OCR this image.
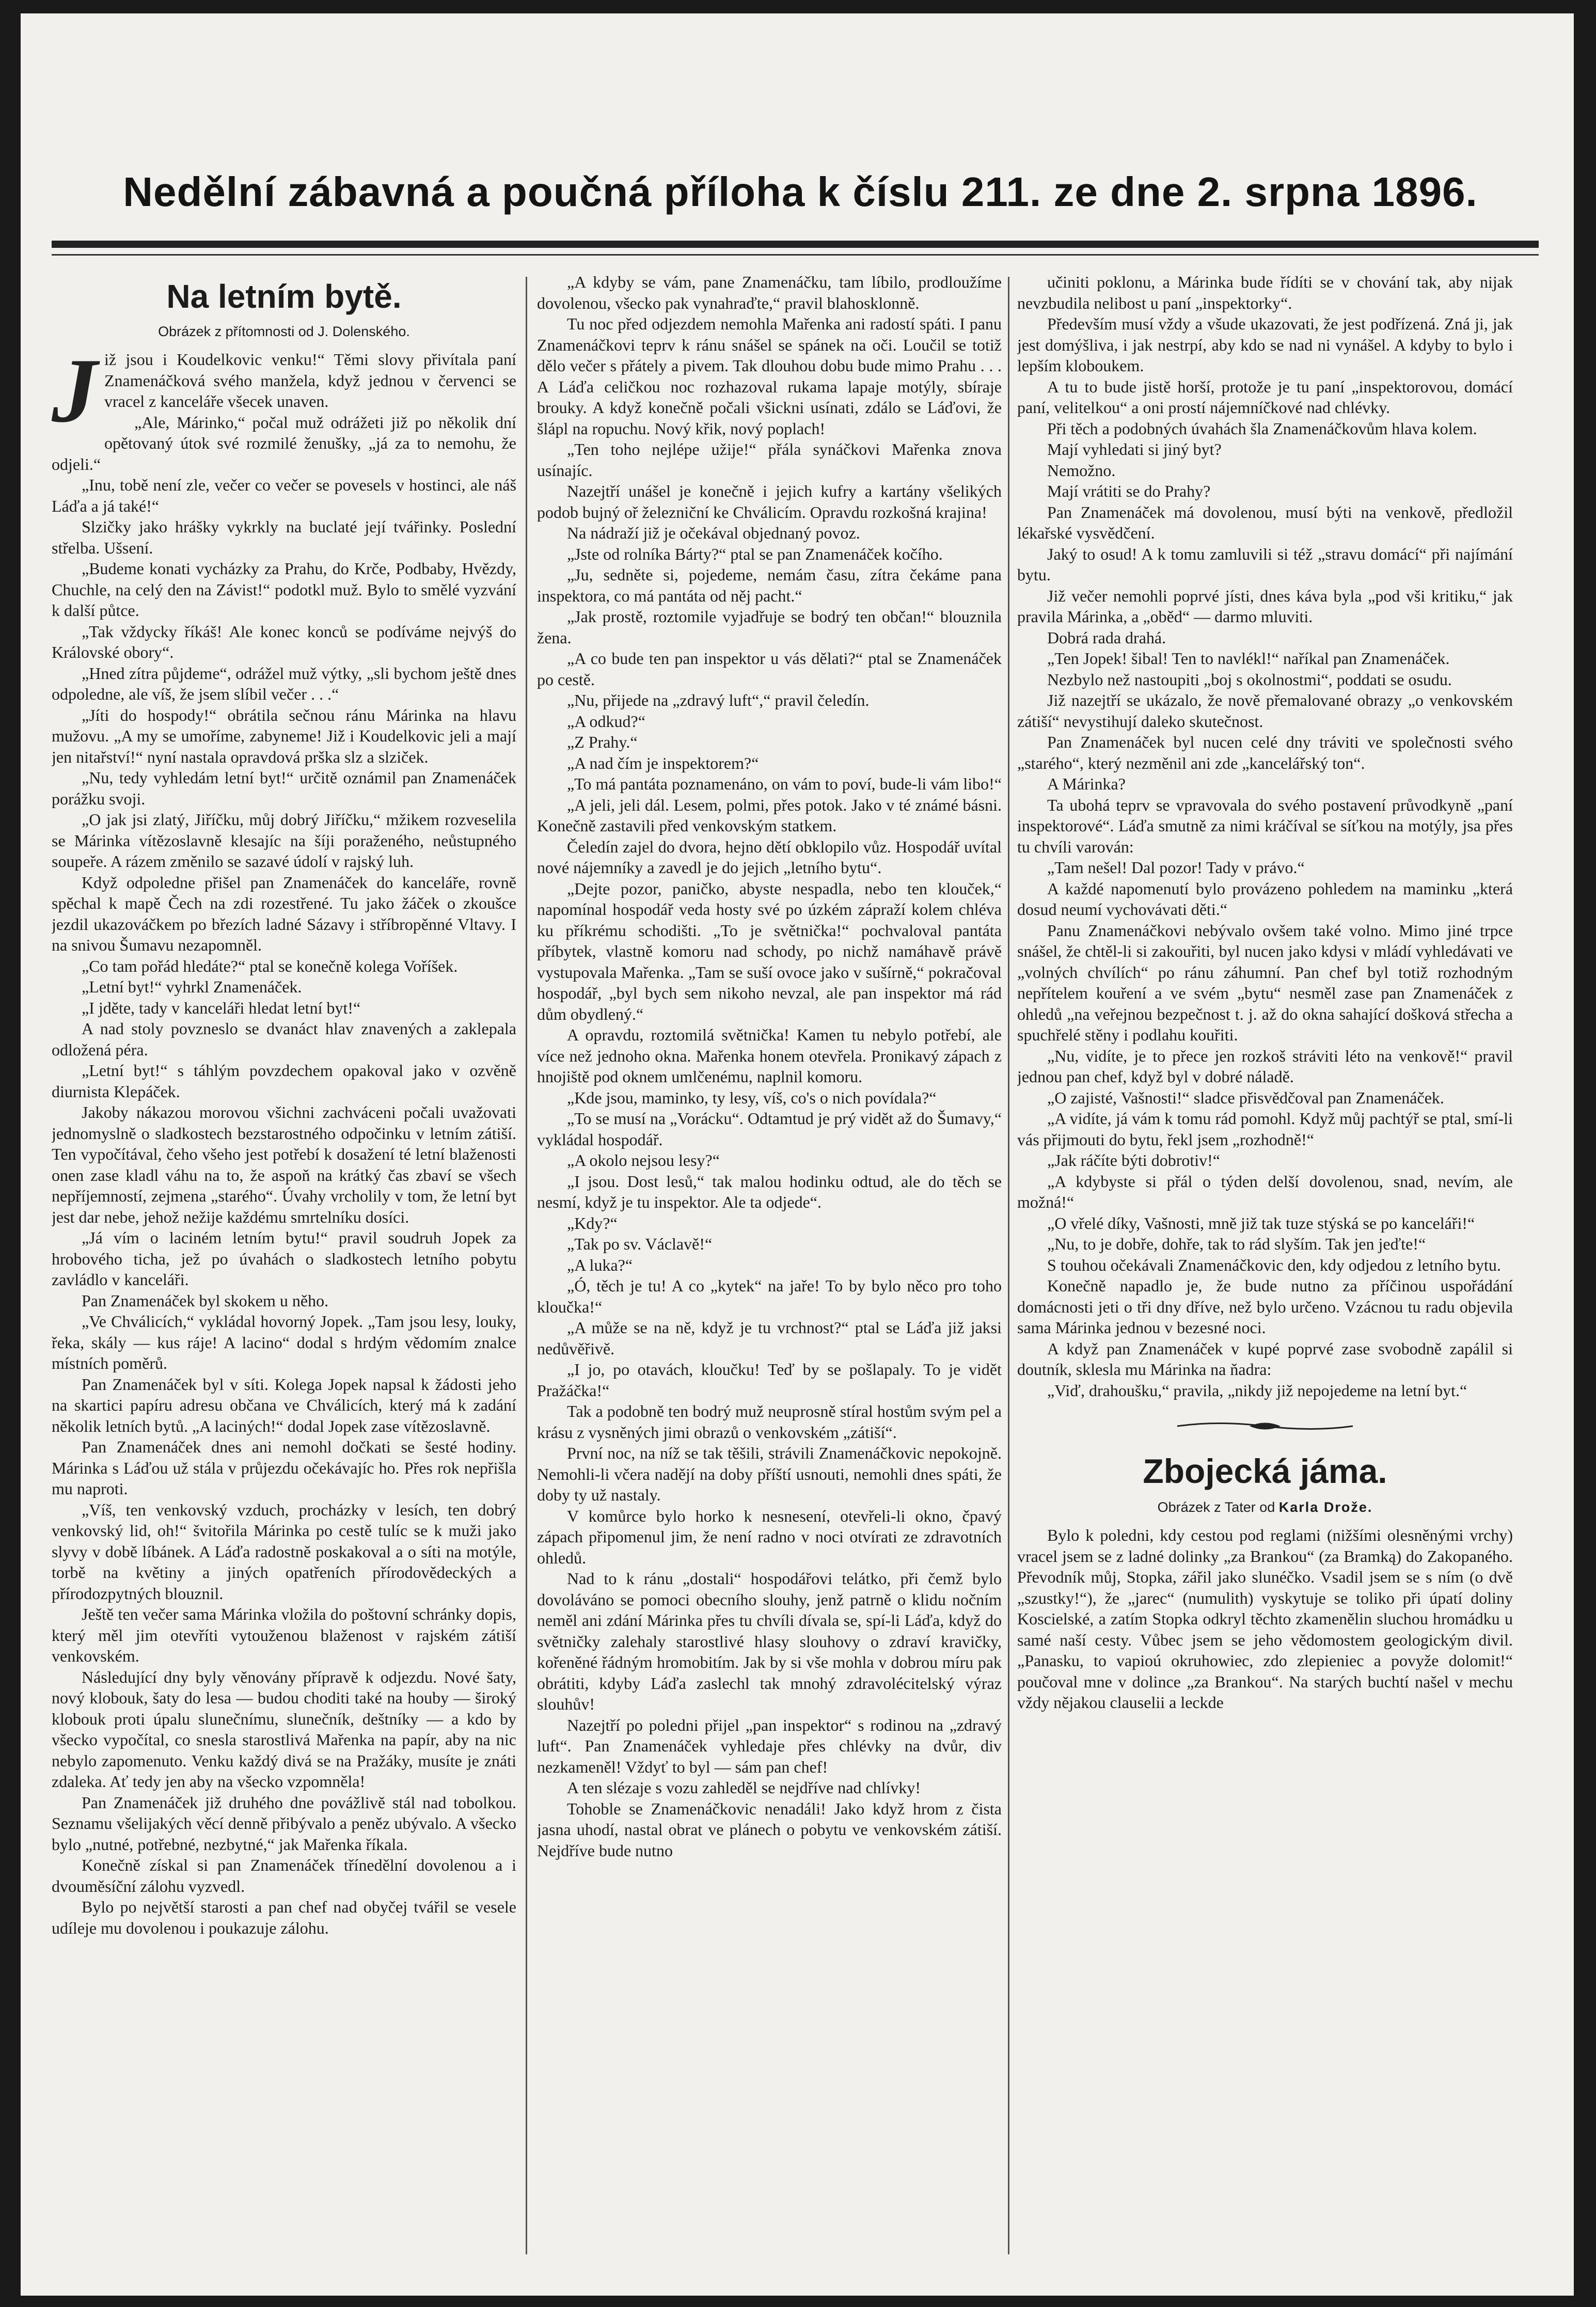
Nedělní zábavná a poučná příloha k číslu 211. ze dne 2. srpna 1896.
Na letním bytě.
Obrázek z přítomnosti od J. Dolenského.

Již jsou i Koudelkovic venku!“ Těmi slovy přivítala paní Znamenáčková svého manžela, když jednou v červenci se vracel z kanceláře všecek unaven.

„Ale, Márinko,“ počal muž odrážeti již po několik dní opětovaný útok své rozmilé ženušky, „já za to nemohu, že odjeli.“

„Inu, tobě není zle, večer co večer se povesels v hostinci, ale náš Láďa a já také!“

Slzičky jako hrášky vykrkly na buclaté její tvářinky. Poslední střelba. Ušsení.

„Budeme konati vycházky za Prahu, do Krče, Podbaby, Hvězdy, Chuchle, na celý den na Závist!“ podotkl muž. Bylo to smělé vyzvání k další půtce.

„Tak vždycky říkáš! Ale konec konců se podíváme nejvýš do Královské obory“.

„Hned zítra půjdeme“, odrážel muž výtky, „sli bychom ještě dnes odpoledne, ale víš, že jsem slíbil večer . . .“

„Jíti do hospody!“ obrátila sečnou ránu Márinka na hlavu mužovu. „A my se umoříme, zabyneme! Již i Koudelkovic jeli a mají jen nitařství!“ nyní nastala opravdová prška slz a slziček.

„Nu, tedy vyhledám letní byt!“ určitě oznámil pan Znamenáček porážku svoji.

„O jak jsi zlatý, Jiříčku, můj dobrý Jiříčku,“ mžikem rozveselila se Márinka vítězoslavně klesajíc na šíji poraženého, neůstupného soupeře. A rázem změnilo se sazavé údolí v rajský luh.

Když odpoledne přišel pan Znamenáček do kanceláře, rovně spěchal k mapě Čech na zdi rozestřené. Tu jako žáček o zkoušce jezdil ukazováčkem po březích ladné Sázavy i stříbropěnné Vltavy. I na snivou Šumavu nezapomněl.

„Co tam pořád hledáte?“ ptal se konečně kolega Voříšek.

„Letní byt!“ vyhrkl Znamenáček.

„I jděte, tady v kanceláři hledat letní byt!“

A nad stoly povzneslo se dvanáct hlav znavených a zaklepala odložená péra.

„Letní byt!“ s táhlým povzdechem opakoval jako v ozvěně diurnista Klepáček.

Jakoby nákazou morovou všichni zachváceni počali uvažovati jednomyslně o sladkostech bezstarostného odpočinku v letním zátiší. Ten vypočítával, čeho všeho jest potřebí k dosažení té letní blaženosti onen zase kladl váhu na to, že aspoň na krátký čas zbaví se všech nepříjemností, zejmena „starého“. Úvahy vrcholily v tom, že letní byt jest dar nebe, jehož nežije každému smrtelníku dosíci.

„Já vím o laciném letním bytu!“ pravil soudruh Jopek za hrobového ticha, jež po úvahách o sladkostech letního pobytu zavládlo v kanceláři.

Pan Znamenáček byl skokem u něho.

„Ve Chválicích,“ vykládal hovorný Jopek. „Tam jsou lesy, louky, řeka, skály — kus ráje! A lacino“ dodal s hrdým vědomím znalce místních poměrů.

Pan Znamenáček byl v síti. Kolega Jopek napsal k žádosti jeho na skartici papíru adresu občana ve Chválicích, který má k zadání několik letních bytů. „A laciných!“ dodal Jopek zase vítězoslavně.

Pan Znamenáček dnes ani nemohl dočkati se šesté hodiny. Márinka s Láďou už stála v průjezdu očekávajíc ho. Přes rok nepřišla mu naproti.

„Víš, ten venkovský vzduch, procházky v lesích, ten dobrý venkovský lid, oh!“ švitořila Márinka po cestě tulíc se k muži jako slyvy v době líbánek. A Láďa radostně poskakoval a o síti na motýle, torbě na květiny a jiných opatřeních přírodovědeckých a přírodozpytných blouznil.

Ještě ten večer sama Márinka vložila do poštovní schránky dopis, který měl jim otevříti vytouženou blaženost v rajském zátiší venkovském.

Následující dny byly věnovány přípravě k odjezdu. Nové šaty, nový klobouk, šaty do lesa — budou choditi také na houby — široký klobouk proti úpalu slunečnímu, slunečník, deštníky — a kdo by všecko vypočítal, co snesla starostlivá Mařenka na papír, aby na nic nebylo zapomenuto. Venku každý divá se na Pražáky, musíte je znáti zdaleka. Ať tedy jen aby na všecko vzpomněla!

Pan Znamenáček již druhého dne povážlivě stál nad tobolkou. Seznamu všelijakých věcí denně přibývalo a peněz ubývalo. A všecko bylo „nutné, potřebné, nezbytné,“ jak Mařenka říkala.

Konečně získal si pan Znamenáček třínedělní dovolenou a i dvouměsíční zálohu vyzvedl.

Bylo po největší starosti a pan chef nad obyčej tvářil se vesele udíleje mu dovolenou i poukazuje zálohu.

„A kdyby se vám, pane Znamenáčku, tam líbilo, prodloužíme dovolenou, všecko pak vynahraďte,“ pravil blahosklonně.

Tu noc před odjezdem nemohla Mařenka ani radostí spáti. I panu Znamenáčkovi teprv k ránu snášel se spánek na oči. Loučil se totiž dělo večer s přátely a pivem. Tak dlouhou dobu bude mimo Prahu . . . A Láďa celičkou noc rozhazoval rukama lapaje motýly, sbíraje brouky. A když konečně počali všickni usínati, zdálo se Láďovi, že šlápl na ropuchu. Nový křik, nový poplach!

„Ten toho nejlépe užije!“ přála synáčkovi Mařenka znova usínajíc.

Nazejtří unášel je konečně i jejich kufry a kartány všelikých podob bujný oř železniční ke Chválicím. Opravdu rozkošná krajina!

Na nádraží již je očekával objednaný povoz.

„Jste od rolníka Bárty?“ ptal se pan Znamenáček kočího.

„Ju, sedněte si, pojedeme, nemám času, zítra čekáme pana inspektora, co má pantáta od něj pacht.“

„Jak prostě, roztomile vyjadřuje se bodrý ten občan!“ blouznila žena.

„A co bude ten pan inspektor u vás dělati?“ ptal se Znamenáček po cestě.

„Nu, přijede na „zdravý luft“,“ pravil čeledín.

„A odkud?“

„Z Prahy.“

„A nad čím je inspektorem?“

„To má pantáta poznamenáno, on vám to poví, bude-li vám libo!“

„A jeli, jeli dál. Lesem, polmi, přes potok. Jako v té známé básni. Konečně zastavili před venkovským statkem.

Čeledín zajel do dvora, hejno dětí obklopilo vůz. Hospodář uvítal nové nájemníky a zavedl je do jejich „letního bytu“.

„Dejte pozor, paničko, abyste nespadla, nebo ten klouček,“ napomínal hospodář veda hosty své po úzkém zápraží kolem chléva ku příkrému schodišti. „To je světnička!“ pochvaloval pantáta příbytek, vlastně komoru nad schody, po nichž namáhavě právě vystupovala Mařenka. „Tam se suší ovoce jako v sušírně,“ pokračoval hospodář, „byl bych sem nikoho nevzal, ale pan inspektor má rád dům obydlený.“

A opravdu, roztomilá světnička! Kamen tu nebylo potřebí, ale více než jednoho okna. Mařenka honem otevřela. Pronikavý zápach z hnojiště pod oknem umlčenému, naplnil komoru.

„Kde jsou, maminko, ty lesy, víš, co's o nich povídala?“

„To se musí na „Vorácku“. Odtamtud je prý vidět až do Šumavy,“ vykládal hospodář.

„A okolo nejsou lesy?“

„I jsou. Dost lesů,“ tak malou hodinku odtud, ale do těch se nesmí, když je tu inspektor. Ale ta odjede“.

„Kdy?“

„Tak po sv. Václavě!“

„A luka?“

„Ó, těch je tu! A co „kytek“ na jaře! To by bylo něco pro toho kloučka!“

„A může se na ně, když je tu vrchnost?“ ptal se Láďa již jaksi nedůvěřivě.

„I jo, po otavách, kloučku! Teď by se pošlapaly. To je vidět Pražáčka!“

Tak a podobně ten bodrý muž neuprosně stíral hostům svým pel a krásu z vysněných jimi obrazů o venkovském „zátiší“.

První noc, na níž se tak těšili, strávili Znamenáčkovic nepokojně. Nemohli-li včera nadějí na doby příští usnouti, nemohli dnes spáti, že doby ty už nastaly.

V komůrce bylo horko k nesnesení, otevřeli-li okno, čpavý zápach připomenul jim, že není radno v noci otvírati ze zdravotních ohledů.

Nad to k ránu „dostali“ hospodářovi telátko, při čemž bylo dovoláváno se pomoci obecního slouhy, jenž patrně o klidu nočním neměl ani zdání Márinka přes tu chvíli dívala se, spí-li Láďa, když do světničky zalehaly starostlivé hlasy slouhovy o zdraví kravičky, kořeněné řádným hromobitím. Jak by si vše mohla v dobrou míru pak obrátiti, kdyby Láďa zaslechl tak mnohý zdravolécitelský výraz slouhův!

Nazejtří po poledni přijel „pan inspektor“ s rodinou na „zdravý luft“. Pan Znamenáček vyhledaje přes chlévky na dvůr, div nezkameněl! Vždyť to byl — sám pan chef!

A ten slézaje s vozu zahleděl se nejdříve nad chlívky!

Tohoble se Znamenáčkovic nenadáli! Jako když hrom z čista jasna uhodí, nastal obrat ve plánech o pobytu ve venkovském zátiší. Nejdříve bude nutno

učiniti poklonu, a Márinka bude řídíti se v chování tak, aby nijak nevzbudila nelibost u paní „inspektorky“.

Především musí vždy a všude ukazovati, že jest podřízená. Zná ji, jak jest domýšliva, i jak nestrpí, aby kdo se nad ni vynášel. A kdyby to bylo i lepším kloboukem.

A tu to bude jistě horší, protože je tu paní „inspektorovou, domácí paní, velitelkou“ a oni prostí nájemníčkové nad chlévky.

Při těch a podobných úvahách šla Znamenáčkovům hlava kolem.

Mají vyhledati si jiný byt?

Nemožno.

Mají vrátiti se do Prahy?

Pan Znamenáček má dovolenou, musí býti na venkově, předložil lékařské vysvědčení.

Jaký to osud! A k tomu zamluvili si též „stravu domácí“ při najímání bytu.

Již večer nemohli poprvé jísti, dnes káva byla „pod vši kritiku,“ jak pravila Márinka, a „oběd“ — darmo mluviti.

Dobrá rada drahá.

„Ten Jopek! šibal! Ten to navlékl!“ naříkal pan Znamenáček.

Nezbylo než nastoupiti „boj s okolnostmi“, poddati se osudu.

Již nazejtří se ukázalo, že nově přemalované obrazy „o venkovském zátiší“ nevystihují daleko skutečnost.

Pan Znamenáček byl nucen celé dny tráviti ve společnosti svého „starého“, který nezměnil ani zde „kancelářský ton“.

A Márinka?

Ta ubohá teprv se vpravovala do svého postavení průvodkyně „paní inspektorové“. Láďa smutně za nimi kráčíval se síťkou na motýly, jsa přes tu chvíli varován:

„Tam nešel! Dal pozor! Tady v právo.“

A každé napomenutí bylo provázeno pohledem na maminku „která dosud neumí vychovávati děti.“

Panu Znamenáčkovi nebývalo ovšem také volno. Mimo jiné trpce snášel, že chtěl-li si zakouřiti, byl nucen jako kdysi v mládí vyhledávati ve „volných chvílích“ po ránu záhumní. Pan chef byl totiž rozhodným nepřítelem kouření a ve svém „bytu“ nesměl zase pan Znamenáček z ohledů „na veřejnou bezpečnost t. j. až do okna sahající došková střecha a spuchřelé stěny i podlahu kouřiti.

„Nu, vidíte, je to přece jen rozkoš stráviti léto na venkově!“ pravil jednou pan chef, když byl v dobré náladě.

„O zajisté, Vašnosti!“ sladce přisvědčoval pan Znamenáček.

„A vidíte, já vám k tomu rád pomohl. Když můj pachtýř se ptal, smí-li vás přijmouti do bytu, řekl jsem „rozhodně!“

„Jak ráčíte býti dobrotiv!“

„A kdybyste si přál o týden delší dovolenou, snad, nevím, ale možná!“

„O vřelé díky, Vašnosti, mně již tak tuze stýská se po kanceláři!“

„Nu, to je dobře, dohře, tak to rád slyším. Tak jen jeďte!“

S touhou očekávali Znamenáčkovic den, kdy odjedou z letního bytu.

Konečně napadlo je, že bude nutno za příčinou uspořádání domácnosti jeti o tři dny dříve, než bylo určeno. Vzácnou tu radu objevila sama Márinka jednou v bezesné noci.

A když pan Znamenáček v kupé poprvé zase svobodně zapálil si doutník, sklesla mu Márinka na ňadra:

„Viď, drahoušku,“ pravila, „nikdy již nepojedeme na letní byt.“

Zbojecká jáma.
Obrázek z Tater od Karla Drože.

Bylo k poledni, kdy cestou pod reglami (nižšími olesněnými vrchy) vracel jsem se z ladné dolinky „za Brankou“ (za Bramką) do Zakopaného. Převodník můj, Stopka, zářil jako slunéčko. Vsadil jsem se s ním (o dvě „szustky!“), že „jarec“ (numulith) vyskytuje se toliko při úpatí doliny Koscielské, a zatím Stopka odkryl těchto zkamenělin sluchou hromádku u samé naší cesty. Vůbec jsem se jeho vědomostem geologickým divil. „Panasku, to vapioú okruhowiec, zdo zlepieniec a povyže dolomit!“ poučoval mne v dolince „za Brankou“. Na starých buchtí našel v mechu vždy nějakou clauselii a leckde
